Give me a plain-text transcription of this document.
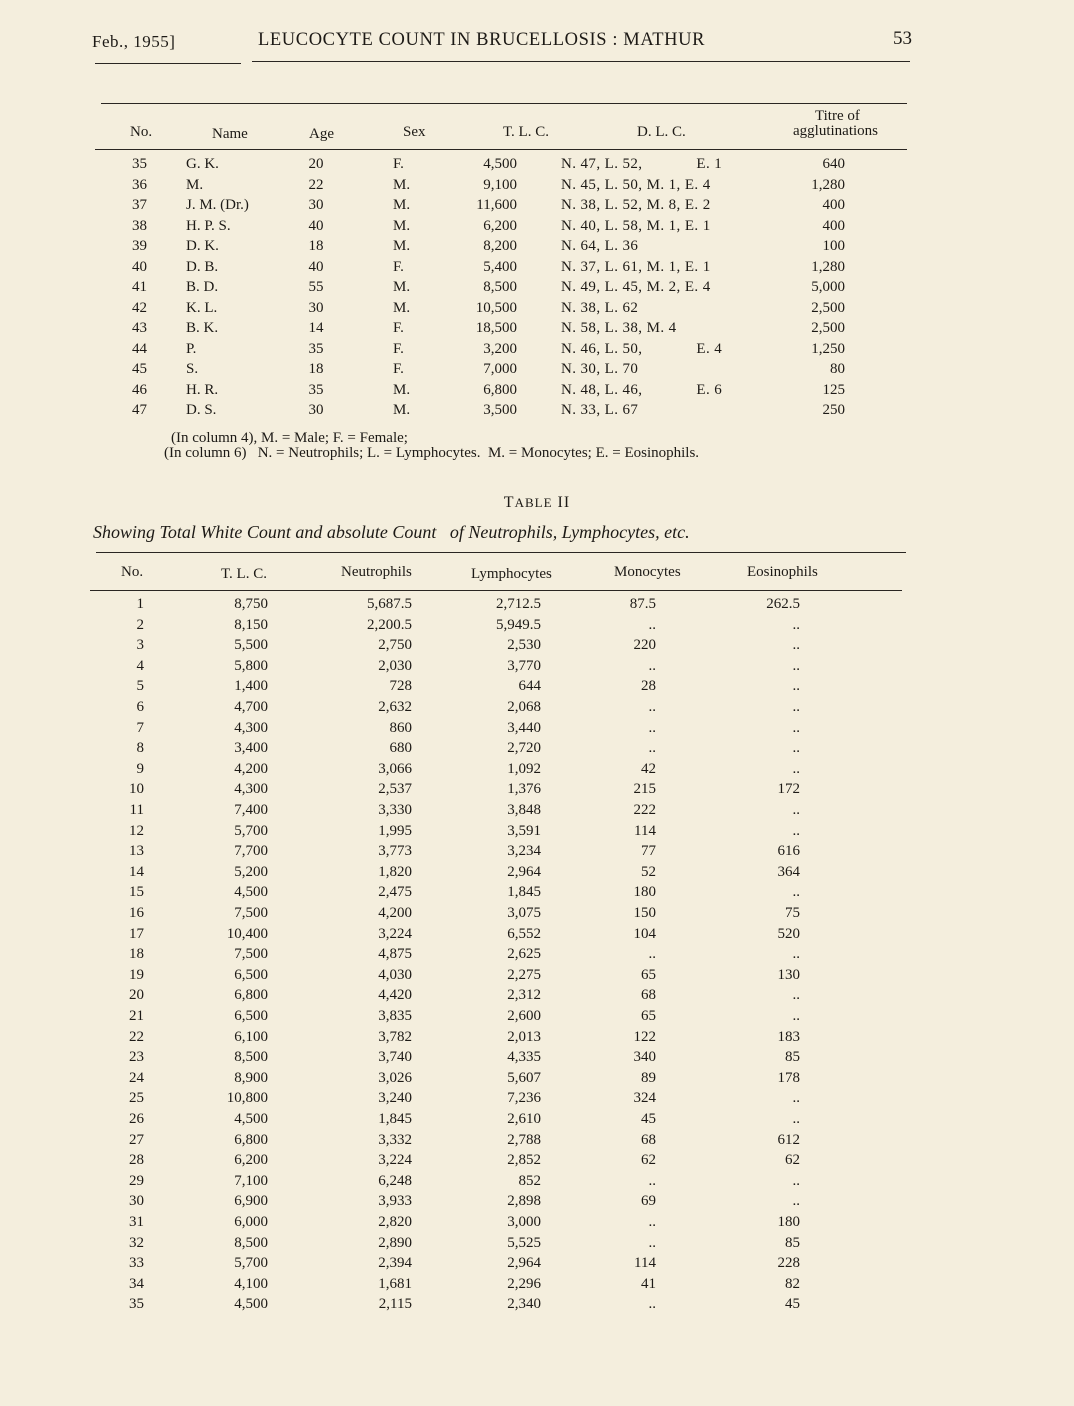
Feb., 1955]	LEUCOCYTE COUNT IN BRUCELLOSIS : MATHUR	53
No.	Name	Age	Sex	T. L. C.	D. L. C.
Titre of
agglutinations
35	G. K.	20	F.	4,500	N. 47, L. 52,             E. 1	640
36	M.	22	M.	9,100	N. 45, L. 50, M. 1, E. 4	1,280
37	J. M. (Dr.)	30	M.	11,600	N. 38, L. 52, M. 8, E. 2	400
38	H. P. S.	40	M.	6,200	N. 40, L. 58, M. 1, E. 1	400
39	D. K.	18	M.	8,200	N. 64, L. 36	100
40	D. B.	40	F.	5,400	N. 37, L. 61, M. 1, E. 1	1,280
41	B. D.	55	M.	8,500	N. 49, L. 45, M. 2, E. 4	5,000
42	K. L.	30	M.	10,500	N. 38, L. 62	2,500
43	B. K.	14	F.	18,500	N. 58, L. 38, M. 4	2,500
44	P.	35	F.	3,200	N. 46, L. 50,             E. 4	1,250
45	S.	18	F.	7,000	N. 30, L. 70	80
46	H. R.	35	M.	6,800	N. 48, L. 46,             E. 6	125
47	D. S.	30	M.	3,500	N. 33, L. 67	250
(In column 4), M. = Male; F. = Female;
(In column 6)   N. = Neutrophils; L. = Lymphocytes.  M. = Monocytes; E. = Eosinophils.
TABLE II
Showing Total White Count and absolute Count   of Neutrophils, Lymphocytes, etc.
No.	T. L. C.	Neutrophils	Lymphocytes	Monocytes	Eosinophils
1	8,750	5,687.5	2,712.5	87.5	262.5
2	8,150	2,200.5	5,949.5	..	..
3	5,500	2,750	2,530	220	..
4	5,800	2,030	3,770	..	..
5	1,400	728	644	28	..
6	4,700	2,632	2,068	..	..
7	4,300	860	3,440	..	..
8	3,400	680	2,720	..	..
9	4,200	3,066	1,092	42	..
10	4,300	2,537	1,376	215	172
11	7,400	3,330	3,848	222	..
12	5,700	1,995	3,591	114	..
13	7,700	3,773	3,234	77	616
14	5,200	1,820	2,964	52	364
15	4,500	2,475	1,845	180	..
16	7,500	4,200	3,075	150	75
17	10,400	3,224	6,552	104	520
18	7,500	4,875	2,625	..	..
19	6,500	4,030	2,275	65	130
20	6,800	4,420	2,312	68	..
21	6,500	3,835	2,600	65	..
22	6,100	3,782	2,013	122	183
23	8,500	3,740	4,335	340	85
24	8,900	3,026	5,607	89	178
25	10,800	3,240	7,236	324	..
26	4,500	1,845	2,610	45	..
27	6,800	3,332	2,788	68	612
28	6,200	3,224	2,852	62	62
29	7,100	6,248	852	..	..
30	6,900	3,933	2,898	69	..
31	6,000	2,820	3,000	..	180
32	8,500	2,890	5,525	..	85
33	5,700	2,394	2,964	114	228
34	4,100	1,681	2,296	41	82
35	4,500	2,115	2,340	..	45
